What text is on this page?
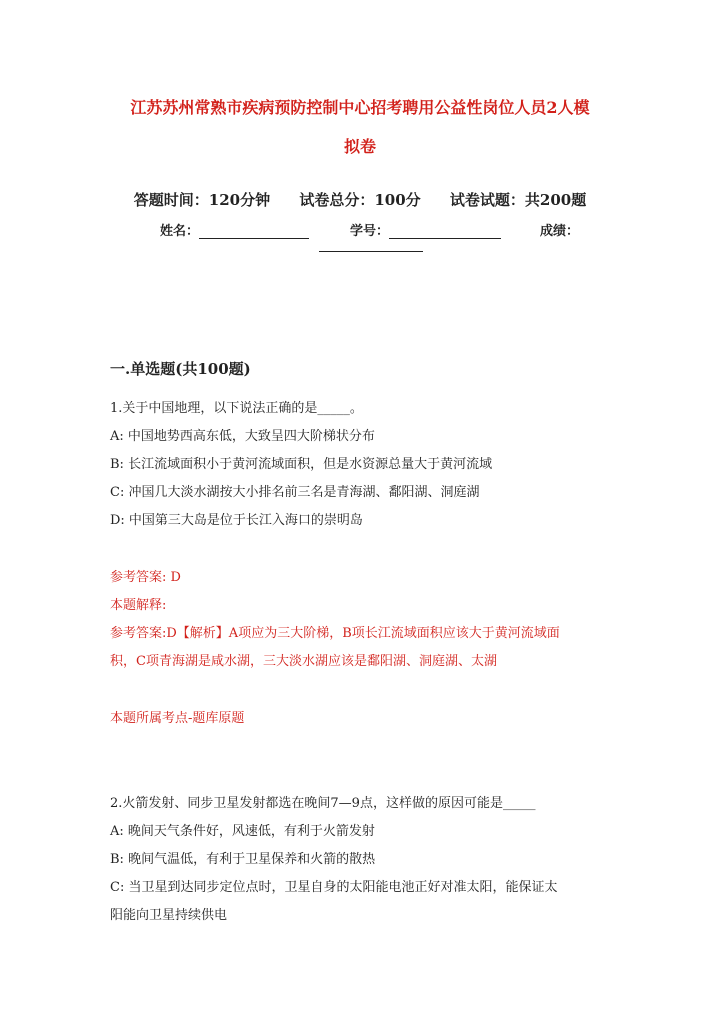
江苏苏州常熟市疾病预防控制中心招考聘用公益性岗位人员2人模
拟卷
答题时间：120分钟 试卷总分：100分 试卷试题：共200题
姓名：	学号：	成绩：
一.单选题(共100题)
1.关于中国地理，以下说法正确的是_____。
A: 中国地势西高东低，大致呈四大阶梯状分布
B: 长江流域面积小于黄河流域面积，但是水资源总量大于黄河流域
C: 冲国几大淡水湖按大小排名前三名是青海湖、鄱阳湖、洞庭湖
D: 中国第三大岛是位于长江入海口的崇明岛
参考答案: D
本题解释:
参考答案:D【解析】A项应为三大阶梯，B项长江流域面积应该大于黄河流域面
积，C项青海湖是咸水湖，三大淡水湖应该是鄱阳湖、洞庭湖、太湖
本题所属考点-题库原题
2.火箭发射、同步卫星发射都选在晚间7—9点，这样做的原因可能是_____
A: 晚间天气条件好，风速低，有利于火箭发射
B: 晚间气温低，有利于卫星保养和火箭的散热
C: 当卫星到达同步定位点时，卫星自身的太阳能电池正好对准太阳，能保证太
阳能向卫星持续供电
